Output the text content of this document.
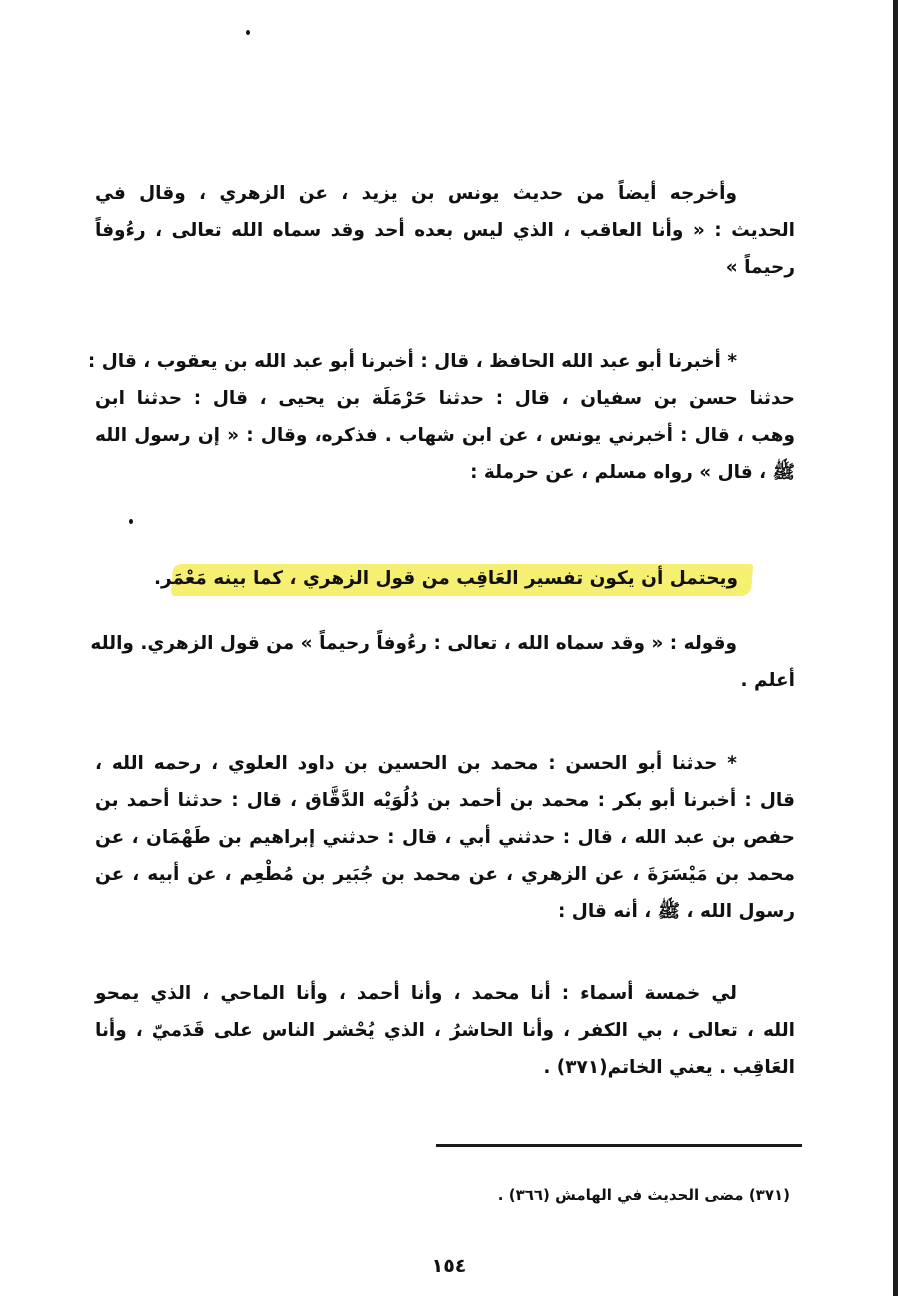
وأخرجه أيضاً من حديث يونس بن يزيد ، عن الزهري ، وقال في
الحديث : « وأنا العاقب ، الذي ليس بعده أحد وقد سماه الله تعالى ، رءُوفاً
رحيماً »
* أخبرنا أبو عبد الله الحافظ ، قال : أخبرنا أبو عبد الله بن يعقوب ، قال :
حدثنا حسن بن سفيان ، قال : حدثنا حَرْمَلَة بن يحيى ، قال : حدثنا ابن
وهب ، قال : أخبرني يونس ، عن ابن شهاب . فذكره، وقال : « إن رسول الله
ﷺ ، قال » رواه مسلم ، عن حرملة :
وقوله : « وقد سماه الله ، تعالى : رءُوفاً رحيماً » من قول الزهري. والله
أعلم .
* حدثنا أبو الحسن : محمد بن الحسين بن داود العلوي ، رحمه الله ،
قال : أخبرنا أبو بكر : محمد بن أحمد بن دُلُوَيْه الدَّقَّاق ، قال : حدثنا أحمد بن
حفص بن عبد الله ، قال : حدثني أبي ، قال : حدثني إبراهيم بن طَهْمَان ، عن
محمد بن مَيْسَرَةَ ، عن الزهري ، عن محمد بن جُبَير بن مُطْعِم ، عن أبيه ، عن
رسول الله ، ﷺ ، أنه قال :
لي خمسة أسماء : أنا محمد ، وأنا أحمد ، وأنا الماحي ، الذي يمحو
الله ، تعالى ، بي الكفر ، وأنا الحاشرُ ، الذي يُحْشر الناس على قَدَميّ ، وأنا
العَاقِب . يعني الخاتم(٣٧١) .
ويحتمل أن يكون تفسير العَاقِب من قول الزهري ، كما بينه مَعْمَر.
(٣٧١) مضى الحديث في الهامش (٣٦٦) .
١٥٤
